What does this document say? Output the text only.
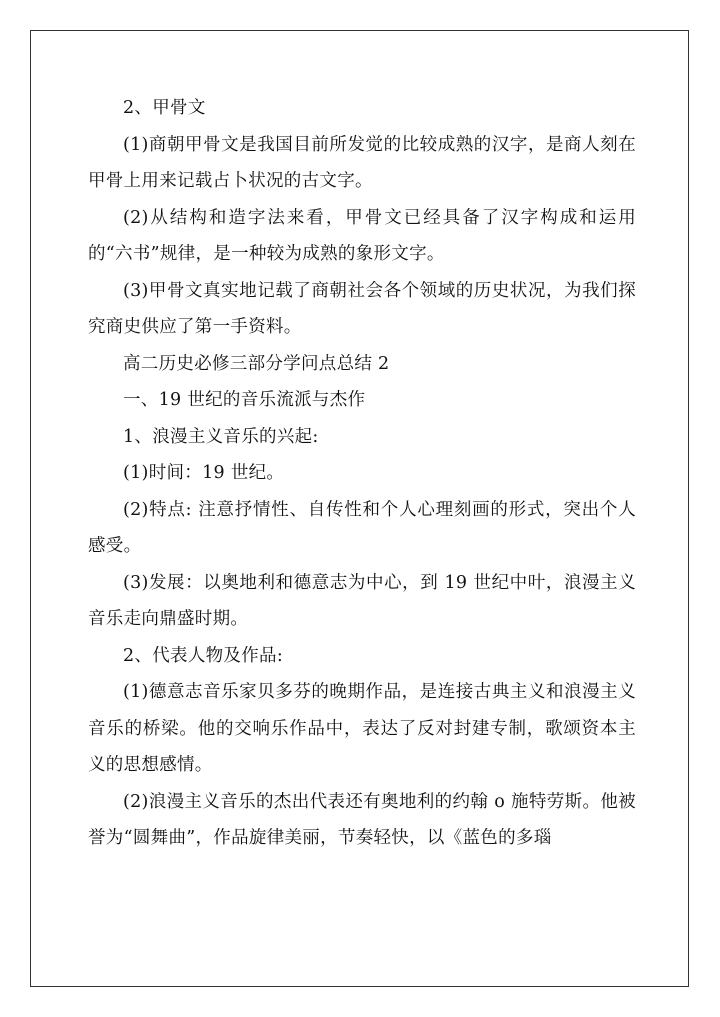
2、甲骨文

(1)商朝甲骨文是我国目前所发觉的比较成熟的汉字，是商人刻在甲骨上用来记载占卜状况的古文字。

(2)从结构和造字法来看，甲骨文已经具备了汉字构成和运用的“六书”规律，是一种较为成熟的象形文字。

(3)甲骨文真实地记载了商朝社会各个领域的历史状况，为我们探究商史供应了第一手资料。

高二历史必修三部分学问点总结 2

一、19 世纪的音乐流派与杰作

1、浪漫主义音乐的兴起:

(1)时间：19 世纪。

(2)特点: 注意抒情性、自传性和个人心理刻画的形式，突出个人感受。

(3)发展：以奥地利和德意志为中心，到 19 世纪中叶，浪漫主义音乐走向鼎盛时期。

2、代表人物及作品:

(1)德意志音乐家贝多芬的晚期作品，是连接古典主义和浪漫主义音乐的桥梁。他的交响乐作品中，表达了反对封建专制，歌颂资本主义的思想感情。

(2)浪漫主义音乐的杰出代表还有奥地利的约翰 o 施特劳斯。他被誉为“圆舞曲”，作品旋律美丽，节奏轻快，以《蓝色的多瑙
